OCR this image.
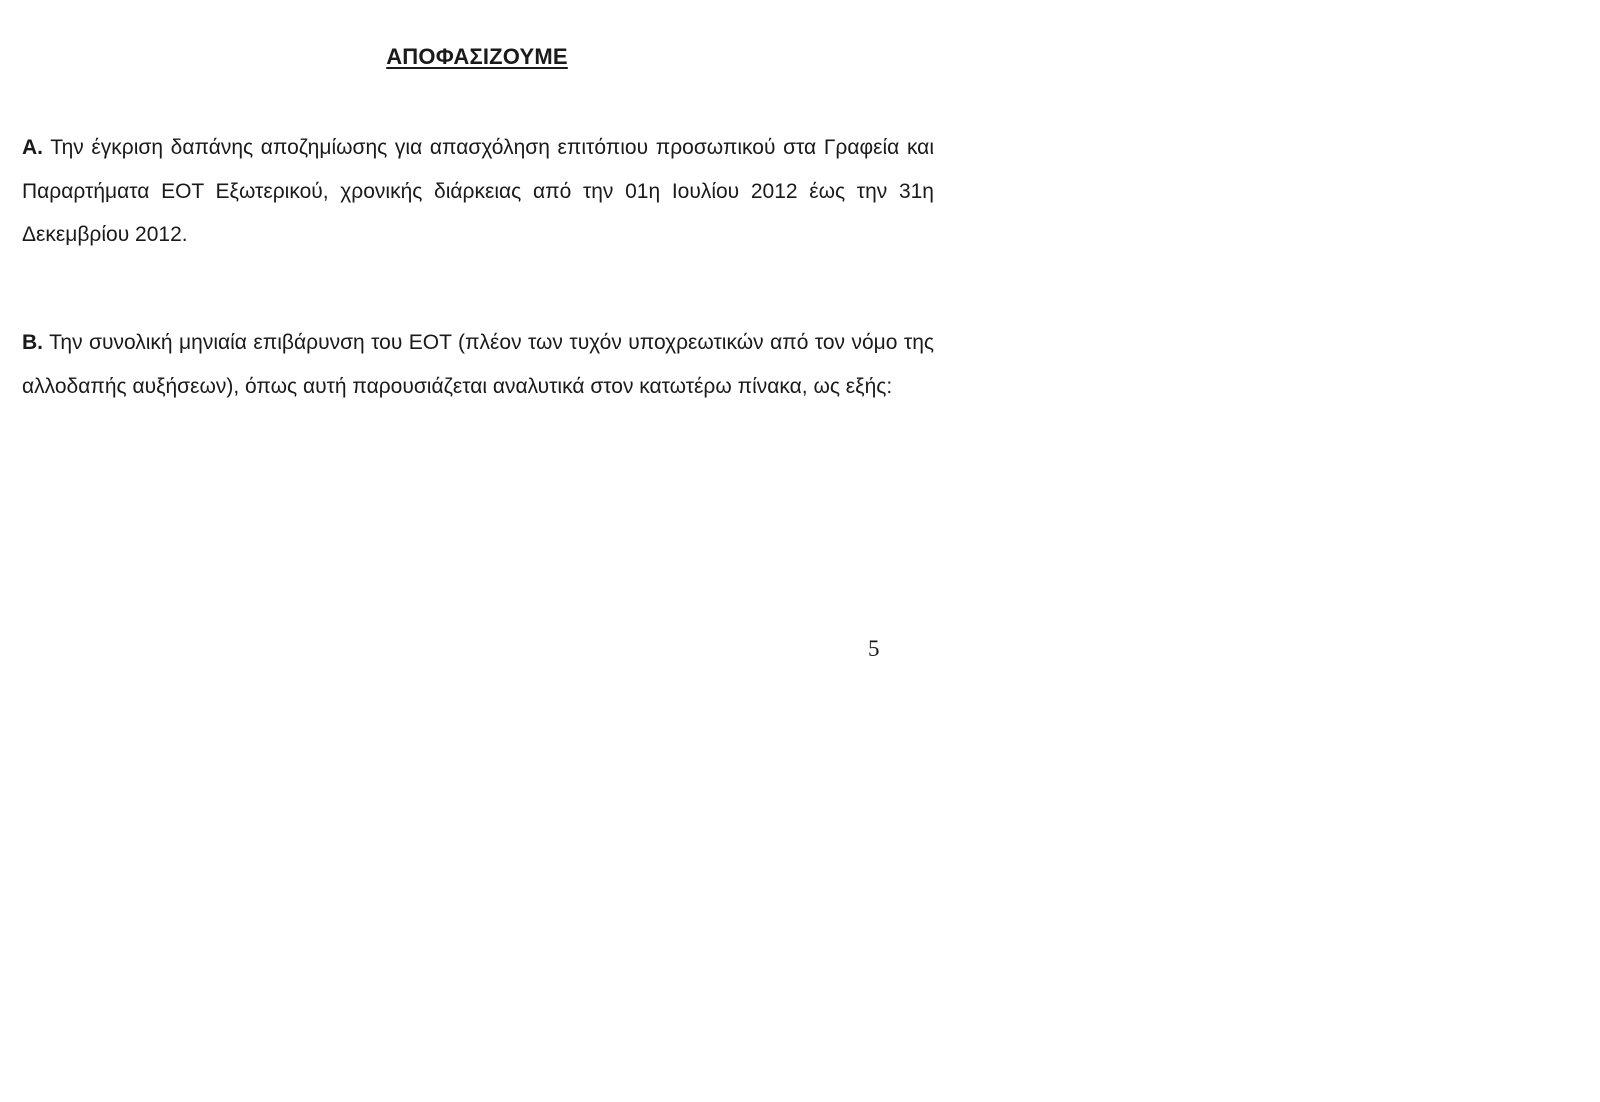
ΑΠΟΦΑΣΙΖΟΥΜΕ

Α. Την έγκριση δαπάνης αποζημίωσης για απασχόληση επιτόπιου προσωπικού στα Γραφεία και Παραρτήματα ΕΟΤ Εξωτερικού, χρονικής διάρκειας από την 01η Ιουλίου 2012 έως την 31η Δεκεμβρίου 2012.

Β. Την συνολική μηνιαία επιβάρυνση του ΕΟΤ (πλέον των τυχόν υποχρεωτικών από τον νόμο της αλλοδαπής αυξήσεων), όπως αυτή παρουσιάζεται αναλυτικά στον κατωτέρω πίνακα, ως εξής:

5
